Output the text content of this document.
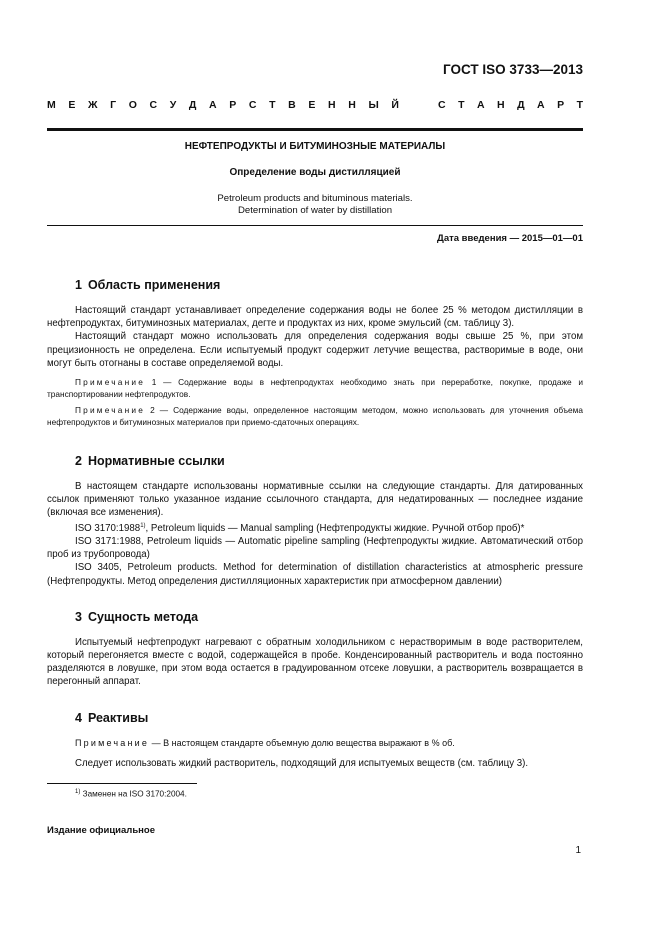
ГОСТ ISO 3733—2013
М Е Ж Г О С У Д А Р С Т В Е Н Н Ы Й	С Т А Н Д А Р Т
НЕФТЕПРОДУКТЫ И БИТУМИНОЗНЫЕ МАТЕРИАЛЫ
Определение воды дистилляцией
Petroleum products and bituminous materials.
Determination of water by distillation
Дата введения — 2015—01—01
1 Область применения

Настоящий стандарт устанавливает определение содержания воды не более 25 % методом дистилляции в нефтепродуктах, битуминозных материалах, дегте и продуктах из них, кроме эмульсий (см. таблицу 3).

Настоящий стандарт можно использовать для определения содержания воды свыше 25 %, при этом прецизионность не определена. Если испытуемый продукт содержит летучие вещества, растворимые в воде, они могут быть отогнаны в составе определяемой воды.

Примечание 1 — Содержание воды в нефтепродуктах необходимо знать при переработке, покупке, продаже и транспортировании нефтепродуктов.

Примечание 2 — Содержание воды, определенное настоящим методом, можно использовать для уточнения объема нефтепродуктов и битуминозных материалов при приемо-сдаточных операциях.

2 Нормативные ссылки

В настоящем стандарте использованы нормативные ссылки на следующие стандарты. Для датированных ссылок применяют только указанное издание ссылочного стандарта, для недатированных — последнее издание (включая все изменения).

ISO 3170:1988$^{1)}$, Petroleum liquids — Manual sampling (Нефтепродукты жидкие. Ручной отбор проб)*

ISO 3171:1988, Petroleum liquids — Automatic pipeline sampling (Нефтепродукты жидкие. Автоматический отбор проб из трубопровода)

ISO 3405, Petroleum products. Method for determination of distillation characteristics at atmospheric pressure (Нефтепродукты. Метод определения дистилляционных характеристик при атмосферном давлении)

3 Сущность метода

Испытуемый нефтепродукт нагревают с обратным холодильником с нерастворимым в воде растворителем, который перегоняется вместе с водой, содержащейся в пробе. Конденсированный растворитель и вода постоянно разделяются в ловушке, при этом вода остается в градуированном отсеке ловушки, а растворитель возвращается в перегонный аппарат.

4 Реактивы

Примечание — В настоящем стандарте объемную долю вещества выражают в % об.

Следует использовать жидкий растворитель, подходящий для испытуемых веществ (см. таблицу 3).

$^{1)}$ Заменен на ISO 3170:2004.
Издание официальное
1
